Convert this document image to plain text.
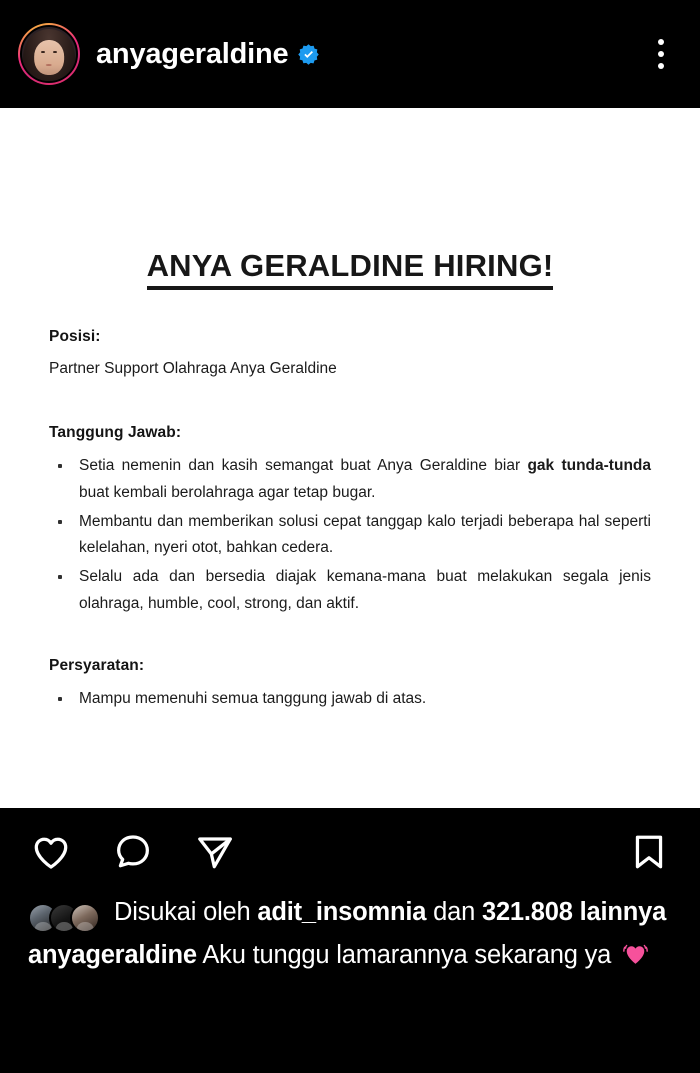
anyageraldine
ANYA GERALDINE HIRING!

Posisi:

Partner Support Olahraga Anya Geraldine

Tanggung Jawab:

Setia nemenin dan kasih semangat buat Anya Geraldine biar gak tunda-tunda buat kembali berolahraga agar tetap bugar.
Membantu dan memberikan solusi cepat tanggap kalo terjadi beberapa hal seperti kelelahan, nyeri otot, bahkan cedera.
Selalu ada dan bersedia diajak kemana-mana buat melakukan segala jenis olahraga, humble, cool, strong, dan aktif.

Persyaratan:

Mampu memenuhi semua tanggung jawab di atas.
Disukai oleh adit_insomnia dan 321.808 lainnya
anyageraldine Aku tunggu lamarannya sekarang ya
